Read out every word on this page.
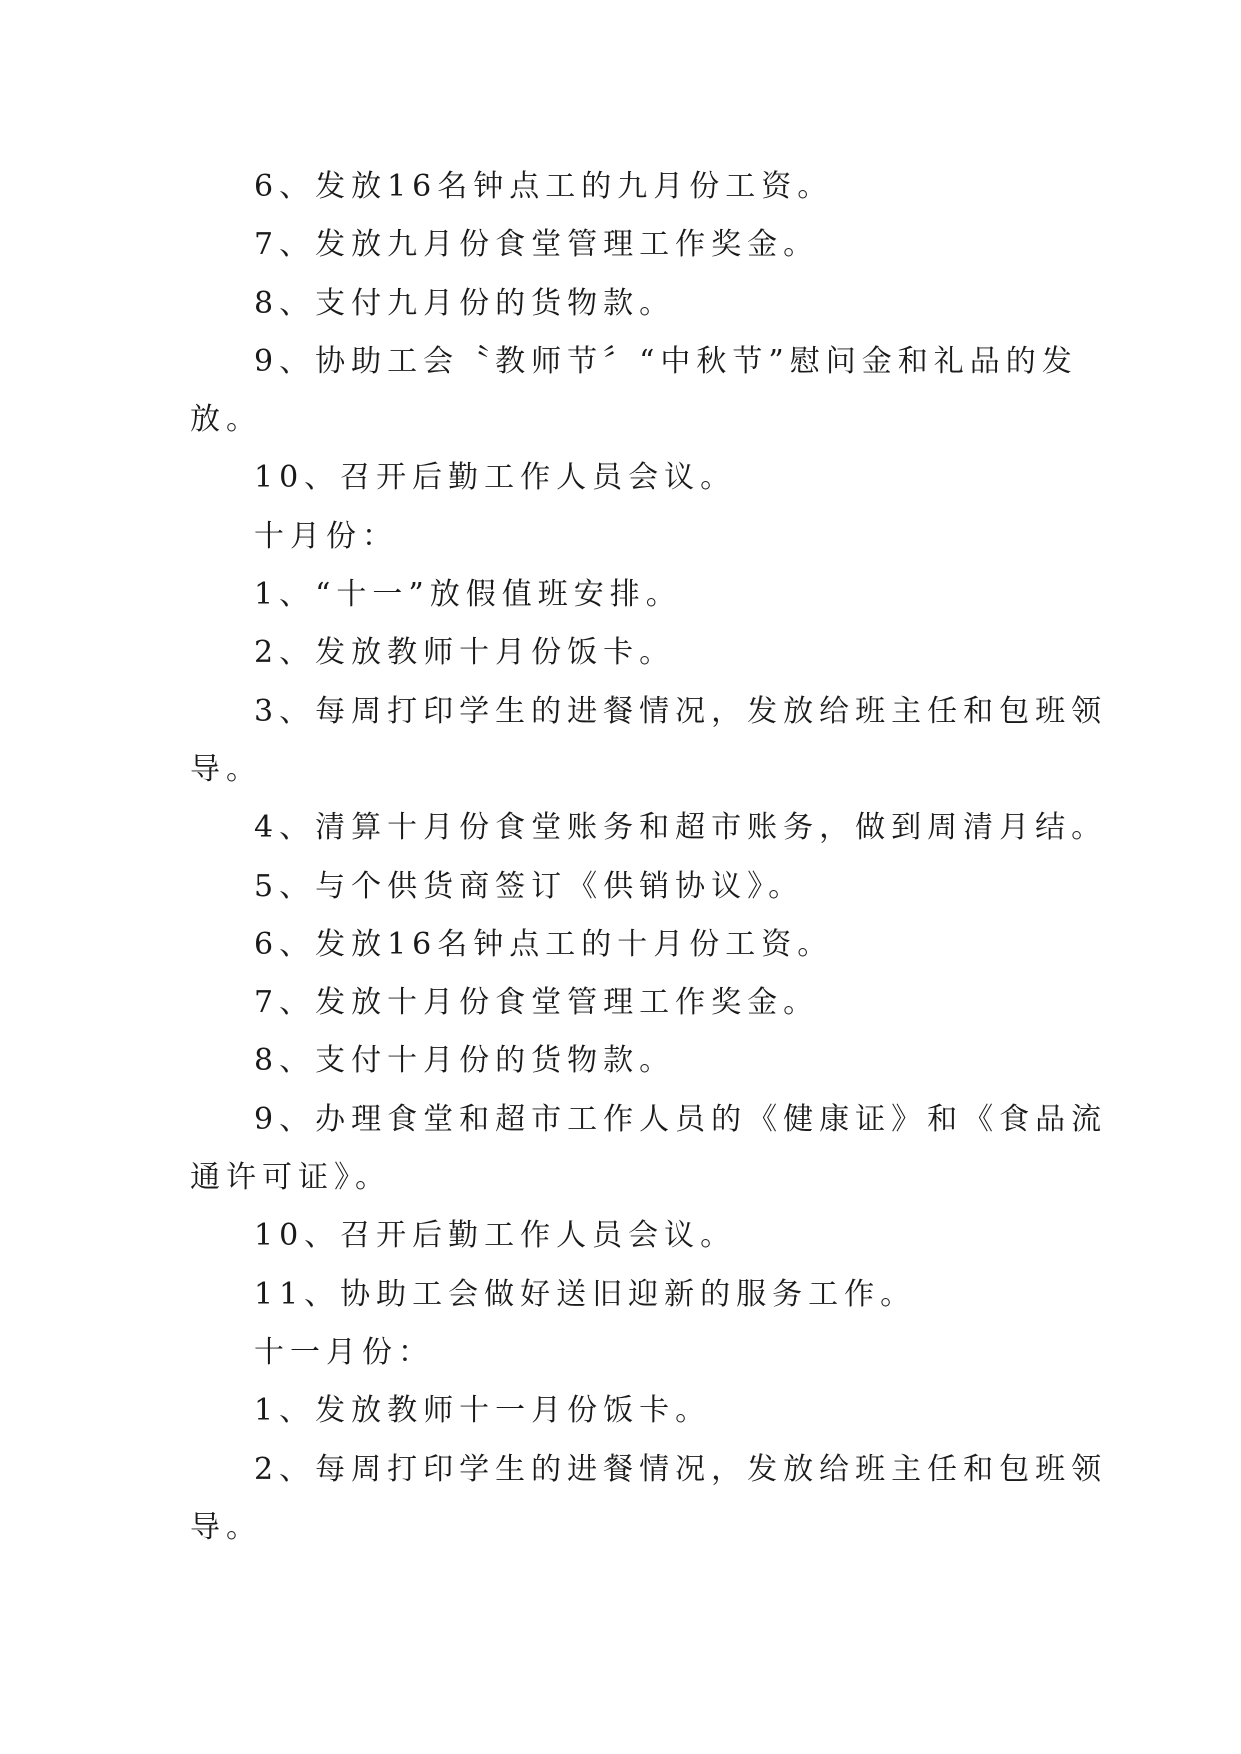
6、发放16名钟点工的九月份工资。
7、发放九月份食堂管理工作奖金。
8、支付九月份的货物款。
9、协助工会〝教师节〞“中秋节”慰问金和礼品的发
放。
10、召开后勤工作人员会议。
十月份：
1、“十一”放假值班安排。
2、发放教师十月份饭卡。
3、每周打印学生的进餐情况，发放给班主任和包班领
导。
4、清算十月份食堂账务和超市账务，做到周清月结。
5、与个供货商签订《供销协议》。
6、发放16名钟点工的十月份工资。
7、发放十月份食堂管理工作奖金。
8、支付十月份的货物款。
9、办理食堂和超市工作人员的《健康证》和《食品流
通许可证》。
10、召开后勤工作人员会议。
11、协助工会做好送旧迎新的服务工作。
十一月份：
1、发放教师十一月份饭卡。
2、每周打印学生的进餐情况，发放给班主任和包班领
导。
